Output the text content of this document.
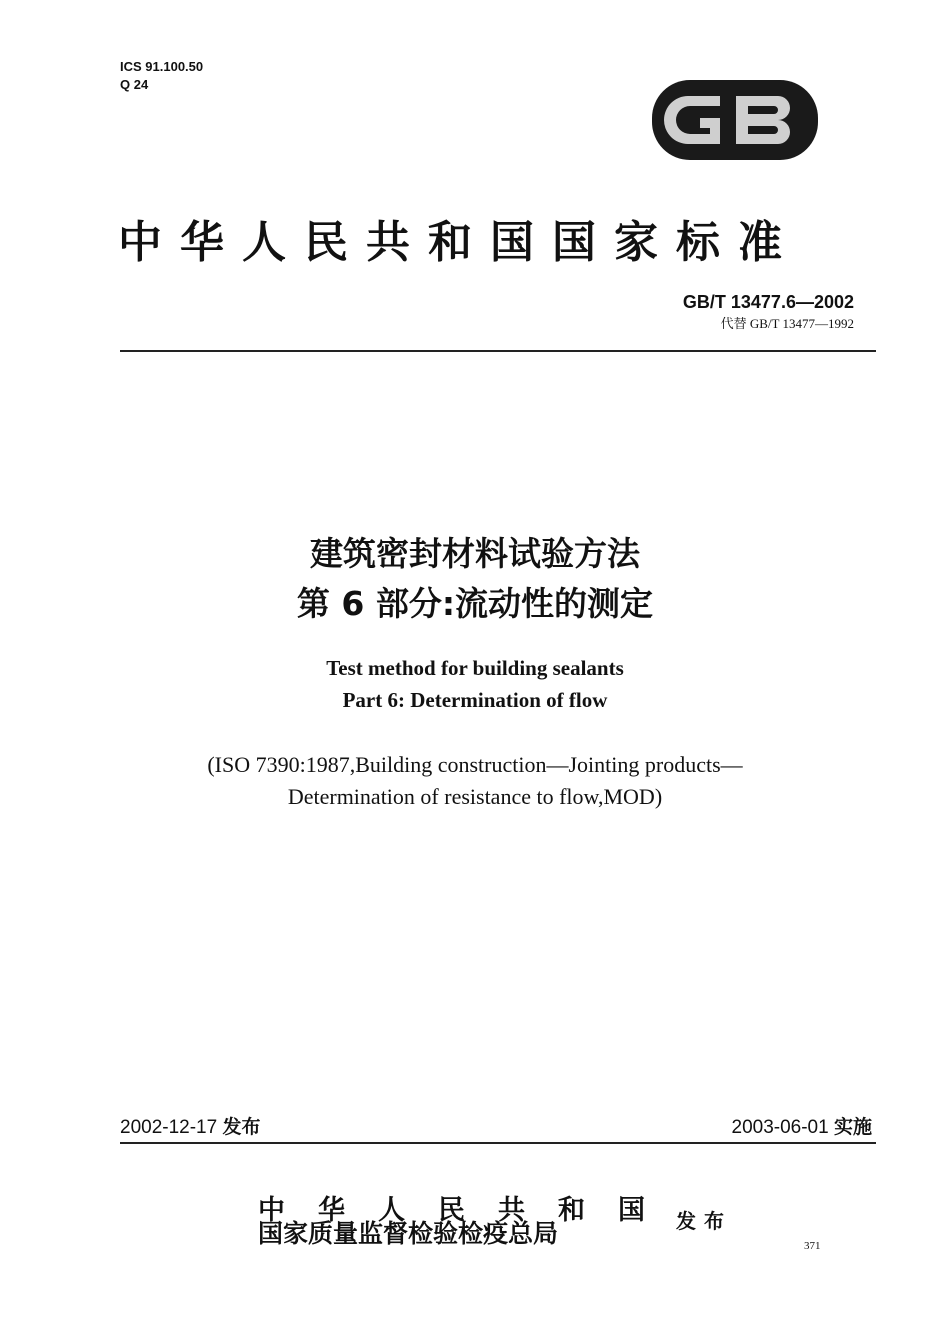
ICS 91.100.50
Q 24
中华人民共和国国家标准
GB/T 13477.6—2002
代替 GB/T 13477—1992
建筑密封材料试验方法
第 6 部分:流动性的测定
Test method for building sealants
Part 6: Determination of flow
(ISO 7390:1987,Building construction—Jointing products—
Determination of resistance to flow,MOD)
2002-12-17 发布	2003-06-01 实施
中华人民共和国
国家质量监督检验检疫总局	发布
371
